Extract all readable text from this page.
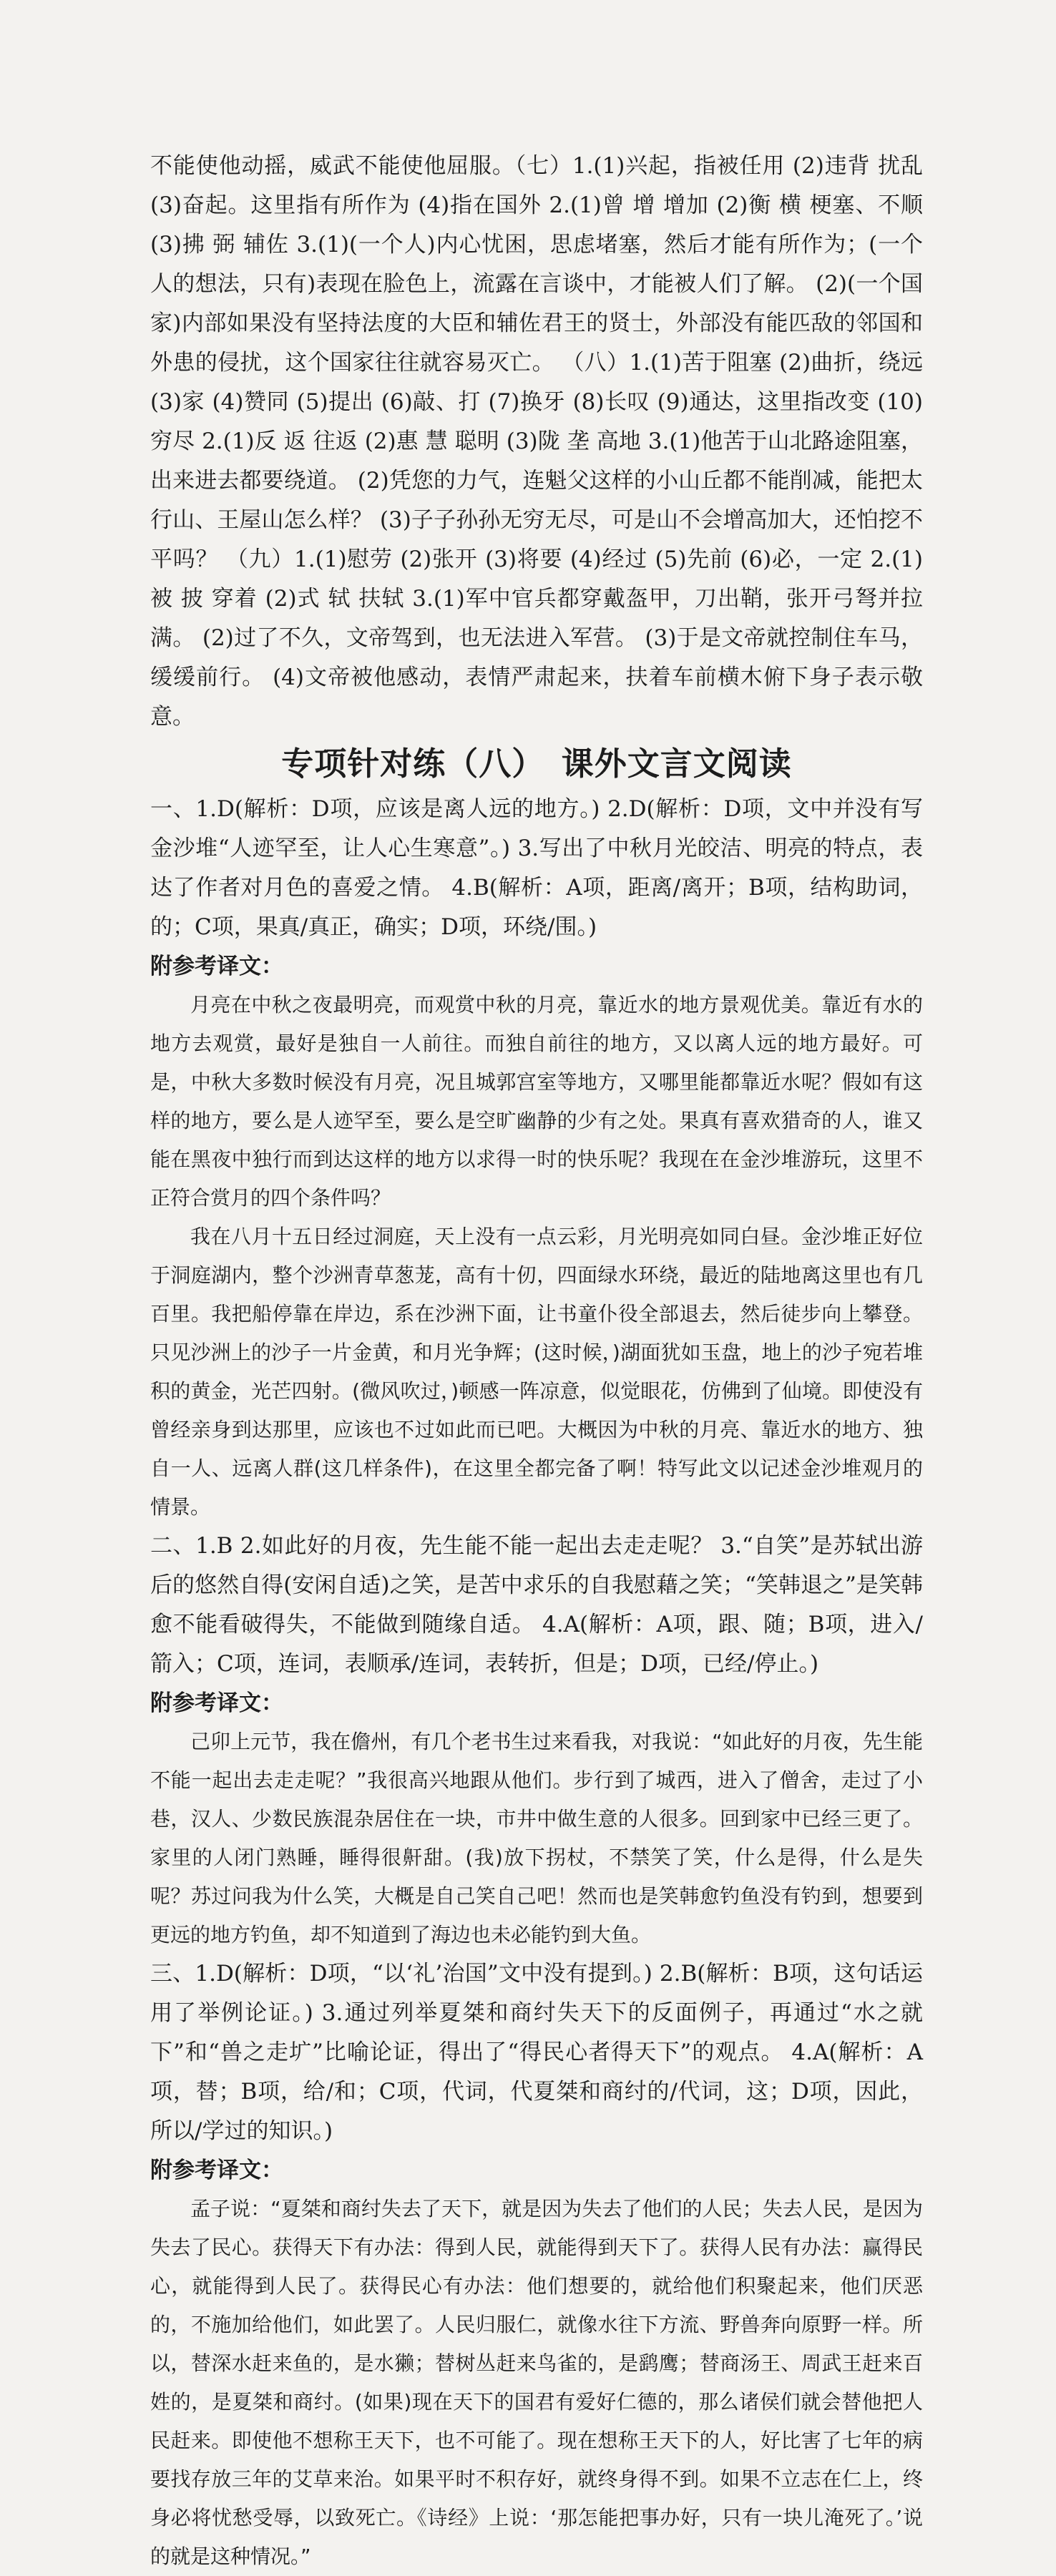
不能使他动摇，威武不能使他屈服。（七）1.(1)兴起，指被任用 (2)违背 扰乱 (3)奋起。这里指有所作为 (4)指在国外 2.(1)曾 增 增加 (2)衡 横 梗塞、不顺 (3)拂 弼 辅佐 3.(1)(一个人)内心忧困，思虑堵塞，然后才能有所作为；(一个人的想法，只有)表现在脸色上，流露在言谈中，才能被人们了解。 (2)(一个国家)内部如果没有坚持法度的大臣和辅佐君王的贤士，外部没有能匹敌的邻国和外患的侵扰，这个国家往往就容易灭亡。 （八）1.(1)苦于阻塞 (2)曲折，绕远 (3)家 (4)赞同 (5)提出 (6)敲、打 (7)换牙 (8)长叹 (9)通达，这里指改变 (10)穷尽 2.(1)反 返 往返 (2)惠 慧 聪明 (3)陇 垄 高地 3.(1)他苦于山北路途阻塞，出来进去都要绕道。 (2)凭您的力气，连魁父这样的小山丘都不能削减，能把太行山、王屋山怎么样？ (3)子子孙孙无穷无尽，可是山不会增高加大，还怕挖不平吗？ （九）1.(1)慰劳 (2)张开 (3)将要 (4)经过 (5)先前 (6)必，一定 2.(1)被 披 穿着 (2)式 轼 扶轼 3.(1)军中官兵都穿戴盔甲，刀出鞘，张开弓弩并拉满。 (2)过了不久，文帝驾到，也无法进入军营。 (3)于是文帝就控制住车马，缓缓前行。 (4)文帝被他感动，表情严肃起来，扶着车前横木俯下身子表示敬意。

专项针对练（八）　课外文言文阅读

一、1.D(解析：D项，应该是离人远的地方。) 2.D(解析：D项，文中并没有写金沙堆“人迹罕至，让人心生寒意”。) 3.写出了中秋月光皎洁、明亮的特点，表达了作者对月色的喜爱之情。 4.B(解析：A项，距离/离开；B项，结构助词，的；C项，果真/真正，确实；D项，环绕/围。)

附参考译文：

月亮在中秋之夜最明亮，而观赏中秋的月亮，靠近水的地方景观优美。靠近有水的地方去观赏，最好是独自一人前往。而独自前往的地方，又以离人远的地方最好。可是，中秋大多数时候没有月亮，况且城郭宫室等地方，又哪里能都靠近水呢？假如有这样的地方，要么是人迹罕至，要么是空旷幽静的少有之处。果真有喜欢猎奇的人，谁又能在黑夜中独行而到达这样的地方以求得一时的快乐呢？我现在在金沙堆游玩，这里不正符合赏月的四个条件吗？

我在八月十五日经过洞庭，天上没有一点云彩，月光明亮如同白昼。金沙堆正好位于洞庭湖内，整个沙洲青草葱茏，高有十仞，四面绿水环绕，最近的陆地离这里也有几百里。我把船停靠在岸边，系在沙洲下面，让书童仆役全部退去，然后徒步向上攀登。只见沙洲上的沙子一片金黄，和月光争辉；(这时候，)湖面犹如玉盘，地上的沙子宛若堆积的黄金，光芒四射。(微风吹过，)顿感一阵凉意，似觉眼花，仿佛到了仙境。即使没有曾经亲身到达那里，应该也不过如此而已吧。大概因为中秋的月亮、靠近水的地方、独自一人、远离人群(这几样条件)，在这里全都完备了啊！特写此文以记述金沙堆观月的情景。

二、1.B 2.如此好的月夜，先生能不能一起出去走走呢？ 3.“自笑”是苏轼出游后的悠然自得(安闲自适)之笑，是苦中求乐的自我慰藉之笑；“笑韩退之”是笑韩愈不能看破得失，不能做到随缘自适。 4.A(解析：A项，跟、随；B项，进入/箭入；C项，连词，表顺承/连词，表转折，但是；D项，已经/停止。)

附参考译文：

己卯上元节，我在儋州，有几个老书生过来看我，对我说：“如此好的月夜，先生能不能一起出去走走呢？”我很高兴地跟从他们。步行到了城西，进入了僧舍，走过了小巷，汉人、少数民族混杂居住在一块，市井中做生意的人很多。回到家中已经三更了。家里的人闭门熟睡，睡得很鼾甜。(我)放下拐杖，不禁笑了笑，什么是得，什么是失呢？苏过问我为什么笑，大概是自己笑自己吧！然而也是笑韩愈钓鱼没有钓到，想要到更远的地方钓鱼，却不知道到了海边也未必能钓到大鱼。

三、1.D(解析：D项，“以‘礼’治国”文中没有提到。) 2.B(解析：B项，这句话运用了举例论证。) 3.通过列举夏桀和商纣失天下的反面例子，再通过“水之就下”和“兽之走圹”比喻论证，得出了“得民心者得天下”的观点。 4.A(解析：A项，替；B项，给/和；C项，代词，代夏桀和商纣的/代词，这；D项，因此，所以/学过的知识。)

附参考译文：

孟子说：“夏桀和商纣失去了天下，就是因为失去了他们的人民；失去人民，是因为失去了民心。获得天下有办法：得到人民，就能得到天下了。获得人民有办法：赢得民心，就能得到人民了。获得民心有办法：他们想要的，就给他们积聚起来，他们厌恶的，不施加给他们，如此罢了。人民归服仁，就像水往下方流、野兽奔向原野一样。所以，替深水赶来鱼的，是水獭；替树丛赶来鸟雀的，是鹞鹰；替商汤王、周武王赶来百姓的，是夏桀和商纣。(如果)现在天下的国君有爱好仁德的，那么诸侯们就会替他把人民赶来。即使他不想称王天下，也不可能了。现在想称王天下的人，好比害了七年的病要找存放三年的艾草来治。如果平时不积存好，就终身得不到。如果不立志在仁上，终身必将忧愁受辱，以致死亡。《诗经》上说：‘那怎能把事办好，只有一块儿淹死了。’说的就是这种情况。”
